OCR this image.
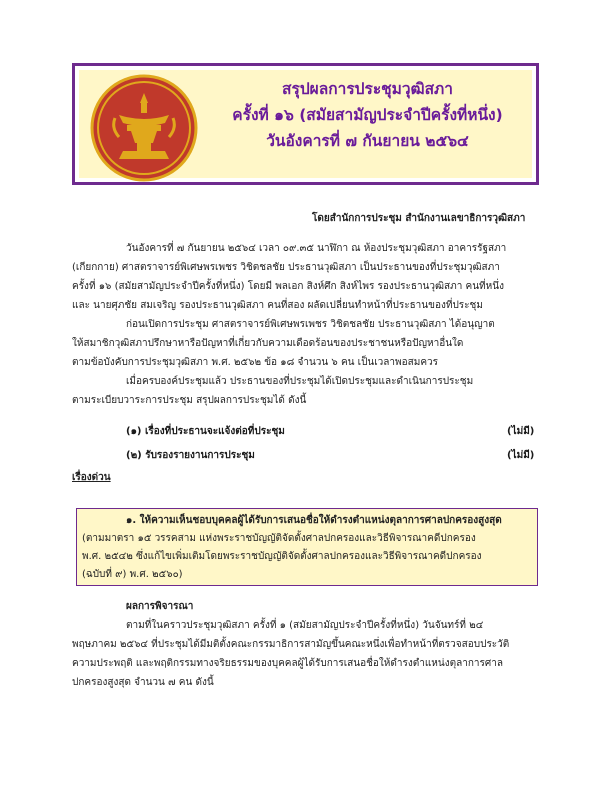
สรุปผลการประชุมวุฒิสภา
ครั้งที่ ๑๖ (สมัยสามัญประจำปีครั้งที่หนึ่ง)
วันอังคารที่ ๗ กันยายน ๒๕๖๔
โดยสำนักการประชุม สำนักงานเลขาธิการวุฒิสภา
วันอังคารที่ ๗ กันยายน ๒๕๖๔ เวลา ๐๙.๓๕ นาฬิกา ณ ห้องประชุมวุฒิสภา อาคารรัฐสภา
(เกียกกาย) ศาสตราจารย์พิเศษพรเพชร วิชิตชลชัย ประธานวุฒิสภา เป็นประธานของที่ประชุมวุฒิสภา
ครั้งที่ ๑๖ (สมัยสามัญประจำปีครั้งที่หนึ่ง) โดยมี พลเอก สิงห์ศึก สิงห์ไพร รองประธานวุฒิสภา คนที่หนึ่ง
และ นายศุภชัย สมเจริญ รองประธานวุฒิสภา คนที่สอง ผลัดเปลี่ยนทำหน้าที่ประธานของที่ประชุม
ก่อนเปิดการประชุม ศาสตราจารย์พิเศษพรเพชร วิชิตชลชัย ประธานวุฒิสภา ได้อนุญาต
ให้สมาชิกวุฒิสภาปรึกษาหารือปัญหาที่เกี่ยวกับความเดือดร้อนของประชาชนหรือปัญหาอื่นใด
ตามข้อบังคับการประชุมวุฒิสภา พ.ศ. ๒๕๖๒ ข้อ ๑๘ จำนวน ๖ คน เป็นเวลาพอสมควร
เมื่อครบองค์ประชุมแล้ว ประธานของที่ประชุมได้เปิดประชุมและดำเนินการประชุม
ตามระเบียบวาระการประชุม สรุปผลการประชุมได้ ดังนี้
(๑) เรื่องที่ประธานจะแจ้งต่อที่ประชุม	(ไม่มี)
(๒) รับรองรายงานการประชุม	(ไม่มี)
เรื่องด่วน
๑. ให้ความเห็นชอบบุคคลผู้ได้รับการเสนอชื่อให้ดำรงตำแหน่งตุลาการศาลปกครองสูงสุด
(ตามมาตรา ๑๕ วรรคสาม แห่งพระราชบัญญัติจัดตั้งศาลปกครองและวิธีพิจารณาคดีปกครอง
พ.ศ. ๒๕๔๒ ซึ่งแก้ไขเพิ่มเติมโดยพระราชบัญญัติจัดตั้งศาลปกครองและวิธีพิจารณาคดีปกครอง
(ฉบับที่ ๙) พ.ศ. ๒๕๖๐)
ผลการพิจารณา
ตามที่ในคราวประชุมวุฒิสภา ครั้งที่ ๑ (สมัยสามัญประจำปีครั้งที่หนึ่ง) วันจันทร์ที่ ๒๔
พฤษภาคม ๒๕๖๔ ที่ประชุมได้มีมติตั้งคณะกรรมาธิการสามัญขึ้นคณะหนึ่งเพื่อทำหน้าที่ตรวจสอบประวัติ
ความประพฤติ และพฤติกรรมทางจริยธรรมของบุคคลผู้ได้รับการเสนอชื่อให้ดำรงตำแหน่งตุลาการศาล
ปกครองสูงสุด จำนวน ๗ คน ดังนี้
